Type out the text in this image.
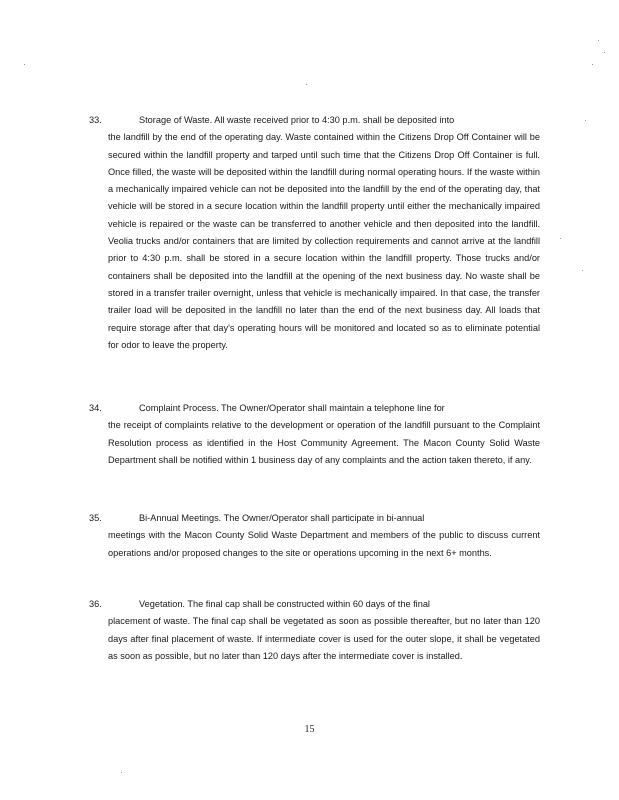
33.	Storage of Waste. All waste received prior to 4:30 p.m. shall be deposited into
the landfill by the end of the operating day. Waste contained within the Citizens Drop Off Container will be secured within the landfill property and tarped until such time that the Citizens Drop Off Container is full. Once filled, the waste will be deposited within the landfill during normal operating hours. If the waste within a mechanically impaired vehicle can not be deposited into the landfill by the end of the operating day, that vehicle will be stored in a secure location within the landfill property until either the mechanically impaired vehicle is repaired or the waste can be transferred to another vehicle and then deposited into the landfill. Veolia trucks and/or containers that are limited by collection requirements and cannot arrive at the landfill prior to 4:30 p.m. shall be stored in a secure location within the landfill property. Those trucks and/or containers shall be deposited into the landfill at the opening of the next business day. No waste shall be stored in a transfer trailer overnight, unless that vehicle is mechanically impaired. In that case, the transfer trailer load will be deposited in the landfill no later than the end of the next business day. All loads that require storage after that day's operating hours will be monitored and located so as to eliminate potential for odor to leave the property.
34.	Complaint Process. The Owner/Operator shall maintain a telephone line for
the receipt of complaints relative to the development or operation of the landfill pursuant to the Complaint Resolution process as identified in the Host Community Agreement. The Macon County Solid Waste Department shall be notified within 1 business day of any complaints and the action taken thereto, if any.
35.	Bi-Annual Meetings. The Owner/Operator shall participate in bi-annual
meetings with the Macon County Solid Waste Department and members of the public to discuss current operations and/or proposed changes to the site or operations upcoming in the next 6+ months.
36.	Vegetation. The final cap shall be constructed within 60 days of the final
placement of waste. The final cap shall be vegetated as soon as possible thereafter, but no later than 120 days after final placement of waste. If intermediate cover is used for the outer slope, it shall be vegetated as soon as possible, but no later than 120 days after the intermediate cover is installed.
15
